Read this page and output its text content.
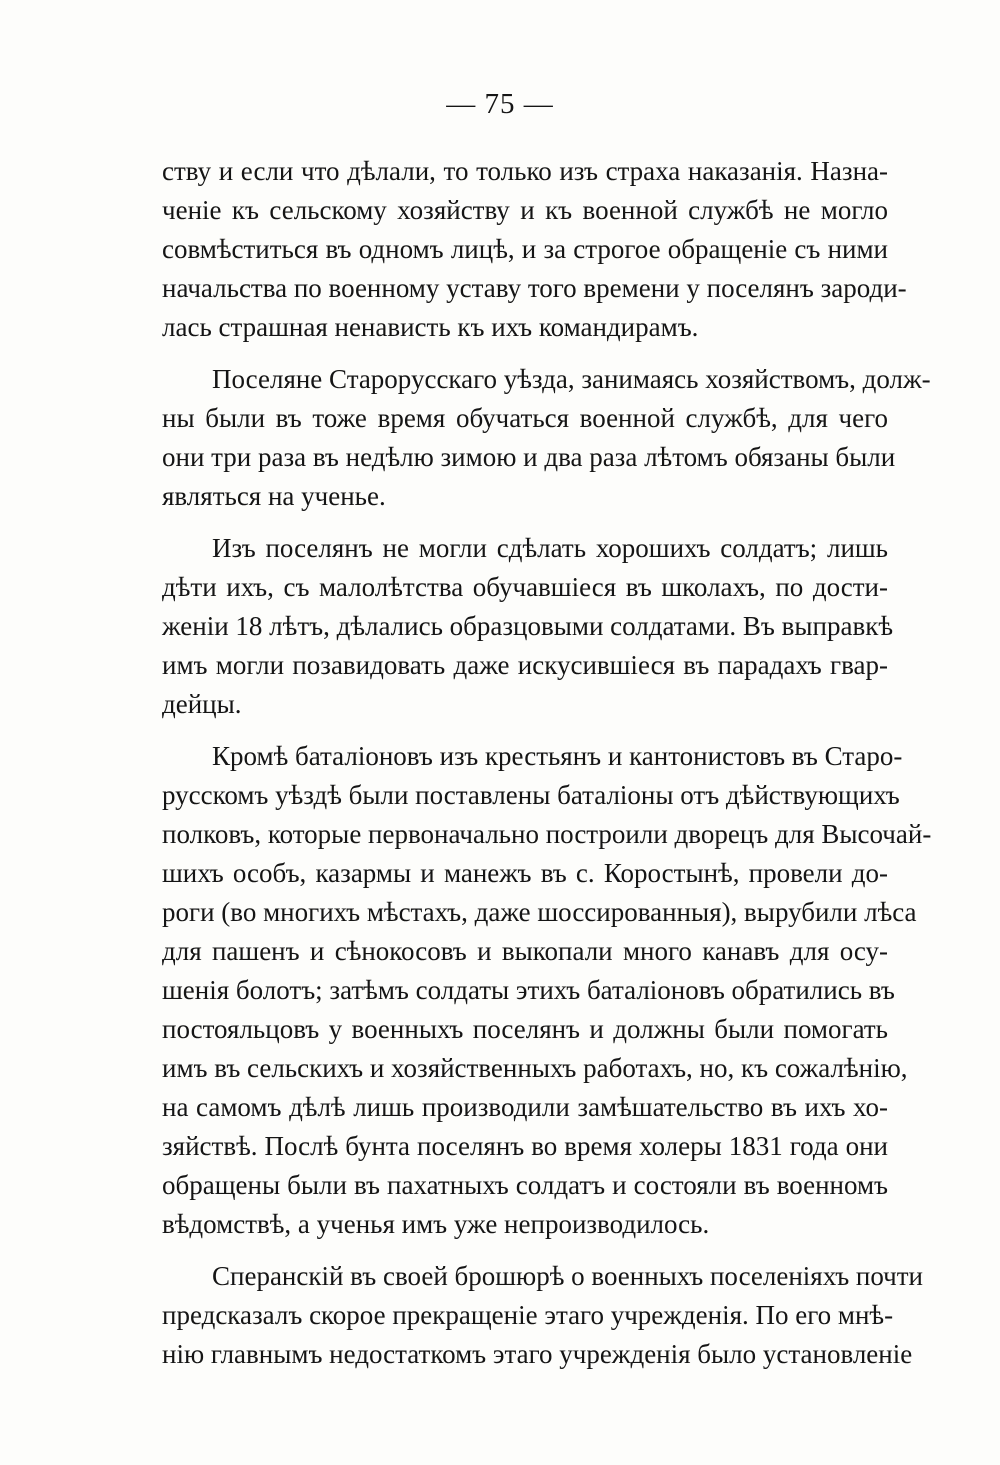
— 75 —
ству и если что дѣлали, то только изъ страха наказанія. Назна-
ченіе къ сельскому хозяйству и къ военной службѣ не могло
совмѣститься въ одномъ лицѣ, и за строгое обращеніе съ ними
начальства по военному уставу того времени у поселянъ зароди-
лась страшная ненависть къ ихъ командирамъ.
Поселяне Старорусскаго уѣзда, занимаясь хозяйствомъ, долж-
ны были въ тоже время обучаться военной службѣ, для чего
они три раза въ недѣлю зимою и два раза лѣтомъ обязаны были
являться на ученье.
Изъ поселянъ не могли сдѣлать хорошихъ солдатъ; лишь
дѣти ихъ, съ малолѣтства обучавшіеся въ школахъ, по дости-
женіи 18 лѣтъ, дѣлались образцовыми солдатами. Въ выправкѣ
имъ могли позавидовать даже искусившіеся въ парадахъ гвар-
дейцы.
Кромѣ баталіоновъ изъ крестьянъ и кантонистовъ въ Старо-
русскомъ уѣздѣ были поставлены баталіоны отъ дѣйствующихъ
полковъ, которые первоначально построили дворецъ для Высочай-
шихъ особъ, казармы и манежъ въ с. Коростынѣ, провели до-
роги (во многихъ мѣстахъ, даже шоссированныя), вырубили лѣса
для пашенъ и сѣнокосовъ и выкопали много канавъ для осу-
шенія болотъ; затѣмъ солдаты этихъ баталіоновъ обратились въ
постояльцовъ у военныхъ поселянъ и должны были помогать
имъ въ сельскихъ и хозяйственныхъ работахъ, но, къ сожалѣнію,
на самомъ дѣлѣ лишь производили замѣшательство въ ихъ хо-
зяйствѣ. Послѣ бунта поселянъ во время холеры 1831 года они
обращены были въ пахатныхъ солдатъ и состояли въ военномъ
вѣдомствѣ, а ученья имъ уже непроизводилось.
Сперанскій въ своей брошюрѣ о военныхъ поселеніяхъ почти
предсказалъ скорое прекращеніе этаго учрежденія. По его мнѣ-
нію главнымъ недостаткомъ этаго учрежденія было установленіе
